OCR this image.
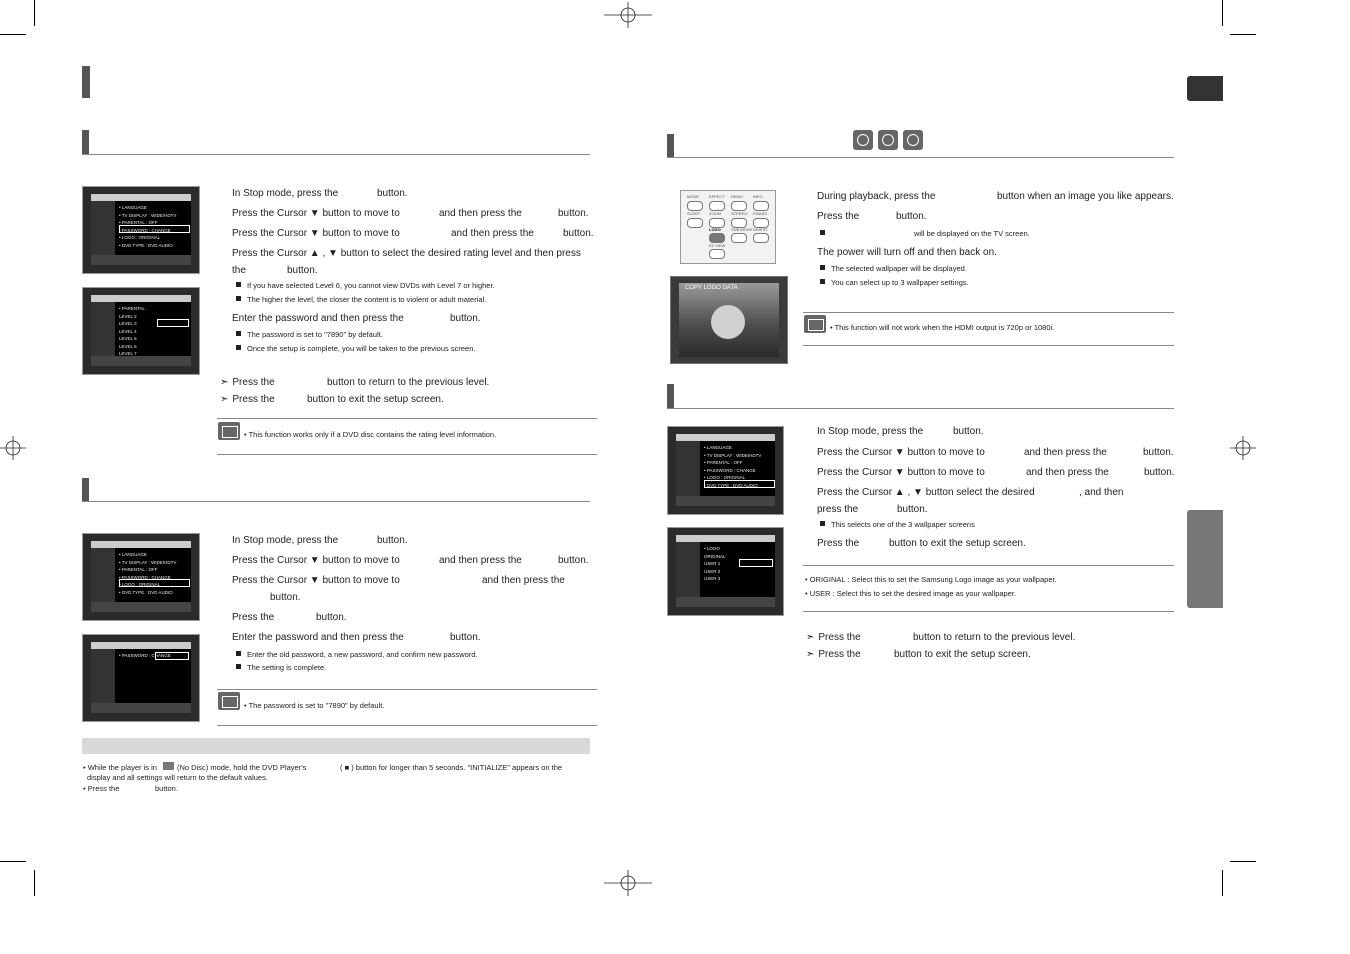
• LANGUAGE
• TV DISPLAY : WIDE/HDTV
• PARENTAL : OFF
• PASSWORD : CHANGE
• LOGO : ORIGINAL
• DVD TYPE : DVD AUDIO
• PARENTAL
LEVEL 2
LEVEL 3
LEVEL 4
LEVEL 5
LEVEL 6
LEVEL 7
In Stop mode, press the	button.
Press the Cursor ▼ button to move to	and then press the	button.
Press the Cursor ▼ button to move to	and then press the	button.
Press the Cursor ▲ , ▼ button to select the desired rating level and then press
the	button.
If you have selected Level 6, you cannot view DVDs with Level 7 or higher.
The higher the level, the closer the content is to violent or adult material.
Enter the password and then press the	button.
The password is set to "7890" by default.
Once the setup is complete, you will be taken to the previous screen.
➣ Press the	button to return to the previous level.
➣ Press the	button to exit the setup screen.
• This function works only if a DVD disc contains the rating level information.
• LANGUAGE
• TV DISPLAY : WIDE/HDTV
• PARENTAL : OFF
• PASSWORD : CHANGE
• LOGO : ORIGINAL
• DVD TYPE : DVD AUDIO
• PASSWORD : CHANGE
In Stop mode, press the	button.
Press the Cursor ▼ button to move to	and then press the	button.
Press the Cursor ▼ button to move to	and then press the
button.
Press the	button.
Enter the password and then press the	button.
Enter the old password, a new password, and confirm new password.
The setting is complete.
• The password is set to "7890" by default.
• While the player is in	(No Disc) mode, hold the DVD Player's	( ■ ) button for longer than 5 seconds. "INITIALIZE" appears on the
display and all settings will return to the default values.
• Press the	button.
MODE	EFFECT DEMO	INFO
SLEEP ZOOM	STEREO P.BASS
LOGO	SUB MODE DIGEST
EZ VIEW
COPY LOGO DATA
During playback, press the	button when an image you like appears.
Press the	button.
will be displayed on the TV screen.
The power will turn off and then back on.
The selected wallpaper will be displayed.
You can select up to 3 wallpaper settings.
• This function will not work when the HDMI output is 720p or 1080i.
• LANGUAGE
• TV DISPLAY : WIDE/HDTV
• PARENTAL : OFF
• PASSWORD : CHANGE
• LOGO : ORIGINAL
• DVD TYPE : DVD AUDIO
• LOGO
ORIGINAL
USER 1
USER 2
USER 3
In Stop mode, press the	button.
Press the Cursor ▼ button to move to	and then press the	button.
Press the Cursor ▼ button to move to	and then press the	button.
Press the Cursor ▲ , ▼ button select the desired	, and then
press the	button.
This selects one of the 3 wallpaper screens
Press the	button to exit the setup screen.
• ORIGINAL : Select this to set the Samsung Logo image as your wallpaper.
• USER : Select this to set the desired image as your wallpaper.
➣ Press the	button to return to the previous level.
➣ Press the	button to exit the setup screen.
